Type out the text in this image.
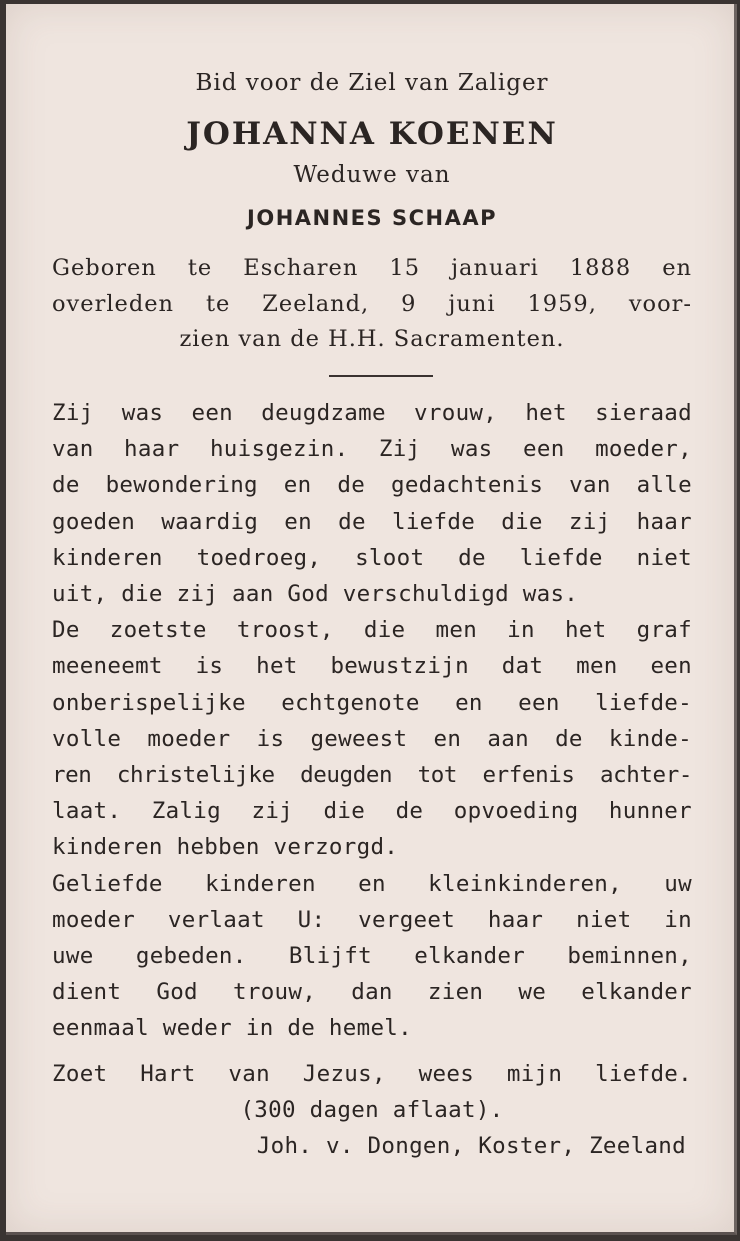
Bid voor de Ziel van Zaliger
JOHANNA KOENEN
Weduwe van
JOHANNES SCHAAP
Geboren te Escharen 15 januari 1888 en
overleden te Zeeland, 9 juni 1959, voor-
zien van de H.H. Sacramenten.
Zij was een deugdzame vrouw, het sieraad
van haar huisgezin. Zij was een moeder,
de bewondering en de gedachtenis van alle
goeden waardig en de liefde die zij haar
kinderen toedroeg, sloot de liefde niet
uit, die zij aan God verschuldigd was.
De zoetste troost, die men in het graf
meeneemt is het bewustzijn dat men een
onberispelijke echtgenote en een liefde-
volle moeder is geweest en aan de kinde-
ren christelijke deugden tot erfenis achter-
laat. Zalig zij die de opvoeding hunner
kinderen hebben verzorgd.
Geliefde kinderen en kleinkinderen, uw
moeder verlaat U: vergeet haar niet in
uwe gebeden. Blijft elkander beminnen,
dient God trouw, dan zien we elkander
eenmaal weder in de hemel.
Zoet Hart van Jezus, wees mijn liefde.
(300 dagen aflaat).
Joh. v. Dongen, Koster, Zeeland
